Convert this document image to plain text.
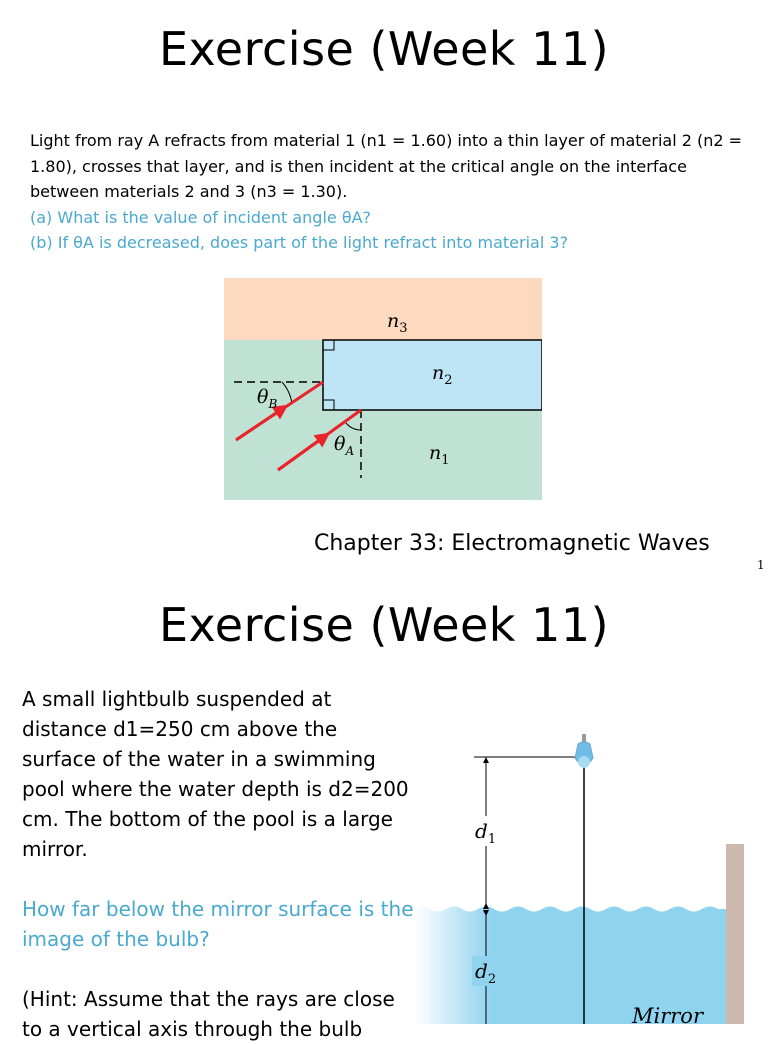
Exercise (Week 11)
Light from ray A refracts from material 1 (n1 = 1.60) into a thin layer of material 2 (n2 = 1.80), crosses that layer, and is then incident at the critical angle on the interface between materials 2 and 3 (n3 = 1.30).
(a) What is the value of incident angle θA?
(b) If θA is decreased, does part of the light refract into material 3?
$n_3$
$n_2$
$n_1$
$\theta_B$
$\theta_A$
Chapter 33: Electromagnetic Waves
1
Exercise (Week 11)

A small lightbulb suspended at distance d1=250 cm above the surface of the water in a swimming pool where the water depth is d2=200 cm. The bottom of the pool is a large mirror.

How far below the mirror surface is the image of the bulb?

(Hint: Assume that the rays are close to a vertical axis through the bulb

$d_1$
$d_2$
Mirror
